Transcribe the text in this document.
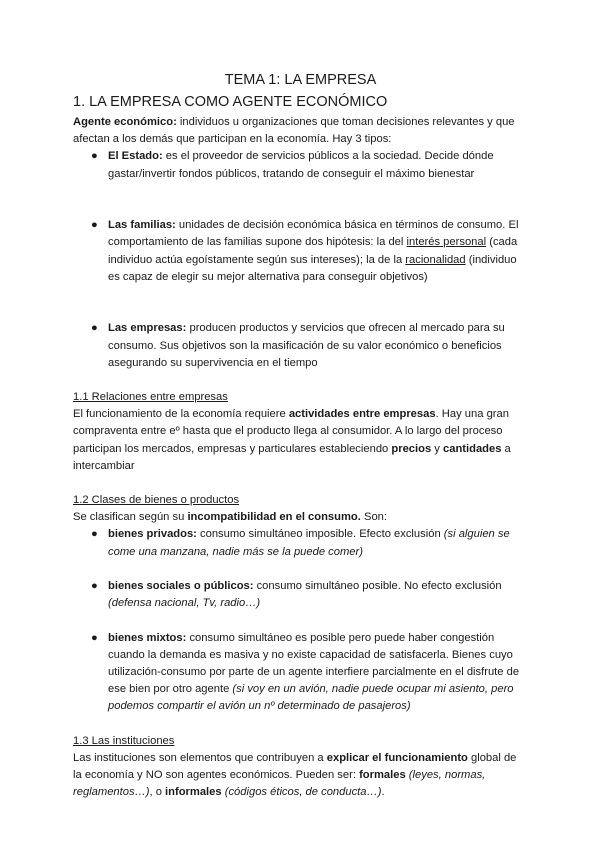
TEMA 1: LA EMPRESA
1. LA EMPRESA COMO AGENTE ECONÓMICO

Agente económico: individuos u organizaciones que toman decisiones relevantes y que
afectan a los demás que participan en la economía. Hay 3 tipos:

● El Estado: es el proveedor de servicios públicos a la sociedad. Decide dónde gastar/invertir fondos públicos, tratando de conseguir el máximo bienestar
● Las familias: unidades de decisión económica básica en términos de consumo. El comportamiento de las familias supone dos hipótesis: la del interés personal (cada individuo actúa egoístamente según sus intereses); la de la racionalidad (individuo es capaz de elegir su mejor alternativa para conseguir objetivos)
● Las empresas: producen productos y servicios que ofrecen al mercado para su consumo. Sus objetivos son la masificación de su valor económico o beneficios asegurando su supervivencia en el tiempo

1.1 Relaciones entre empresas

El funcionamiento de la economía requiere actividades entre empresas. Hay una gran compraventa entre eº hasta que el producto llega al consumidor. A lo largo del proceso participan los mercados, empresas y particulares estableciendo precios y cantidades a intercambiar

1.2 Clases de bienes o productos

Se clasifican según su incompatibilidad en el consumo. Son:

● bienes privados: consumo simultáneo imposible. Efecto exclusión (si alguien se come una manzana, nadie más se la puede comer)
● bienes sociales o públicos: consumo simultáneo posible. No efecto exclusión (defensa nacional, Tv, radio…)
● bienes mixtos: consumo simultáneo es posible pero puede haber congestión cuando la demanda es masiva y no existe capacidad de satisfacerla. Bienes cuyo utilización-consumo por parte de un agente interfiere parcialmente en el disfrute de ese bien por otro agente (si voy en un avión, nadie puede ocupar mi asiento, pero podemos compartir el avión un nº determinado de pasajeros)

1.3 Las instituciones

Las instituciones son elementos que contribuyen a explicar el funcionamiento global de la economía y NO son agentes económicos. Pueden ser: formales (leyes, normas, reglamentos…), o informales (códigos éticos, de conducta…).
